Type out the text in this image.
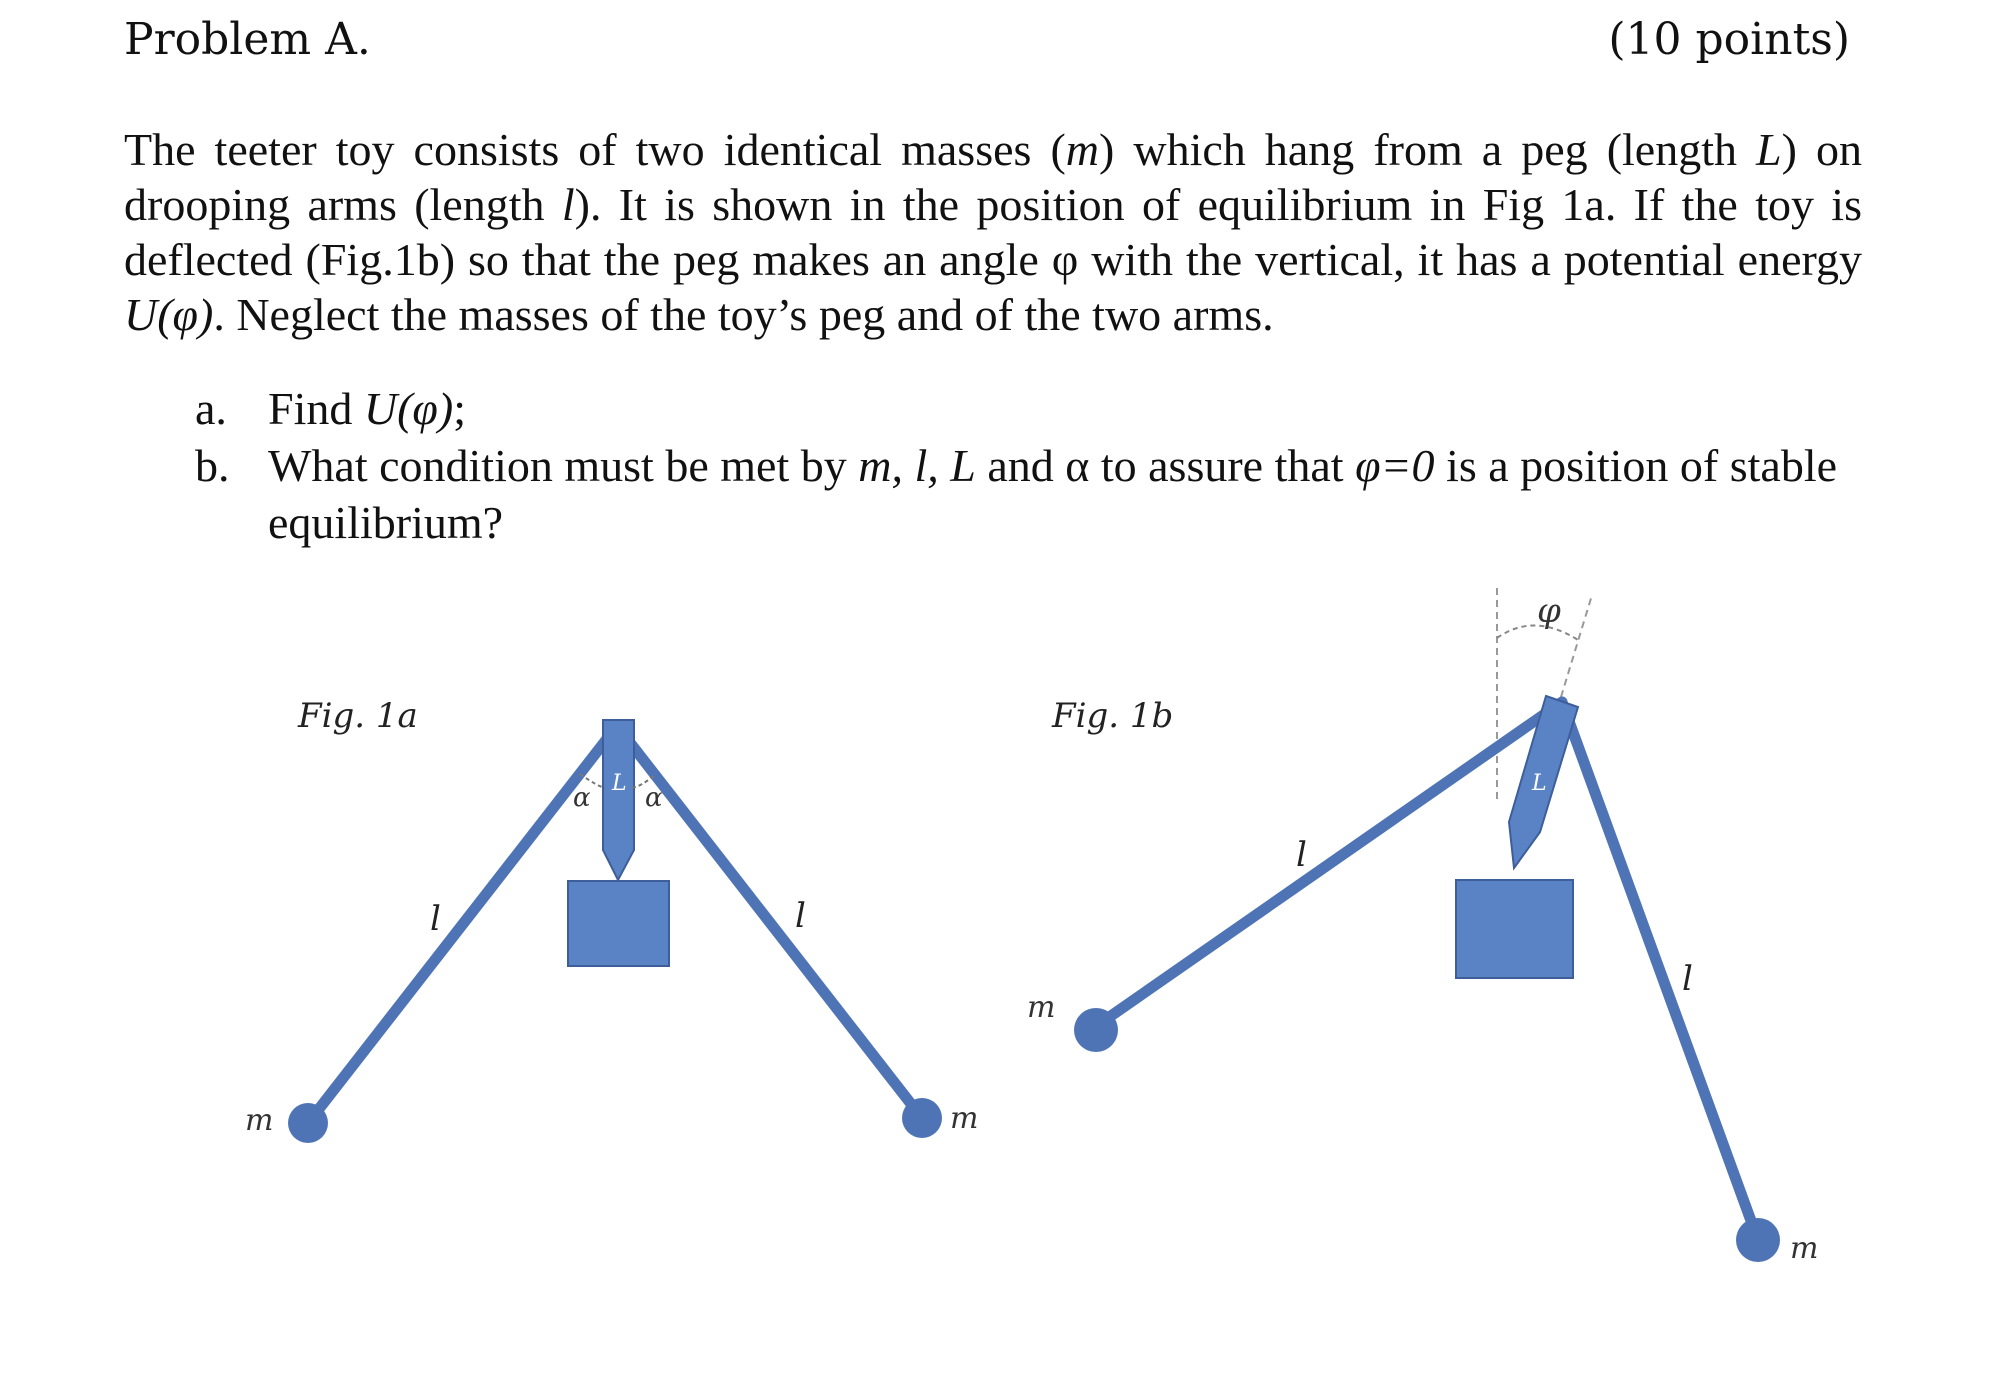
Problem A.	(10 points)
The teeter toy consists of two identical masses (m) which hang from a peg (length L) on drooping arms (length l). It is shown in the position of equilibrium in Fig 1a. If the toy is deflected (Fig.1b) so that the peg makes an angle φ with the vertical, it has a potential energy U(φ). Neglect the masses of the toy’s peg and of the two arms.
a. Find U(φ);
b. What condition must be met by m, l, L and α to assure that φ=0 is a position of stable equilibrium?
Fig. 1a
α α
L
l	l
m	m
Fig. 1b
φ
L
l
l
m
m
